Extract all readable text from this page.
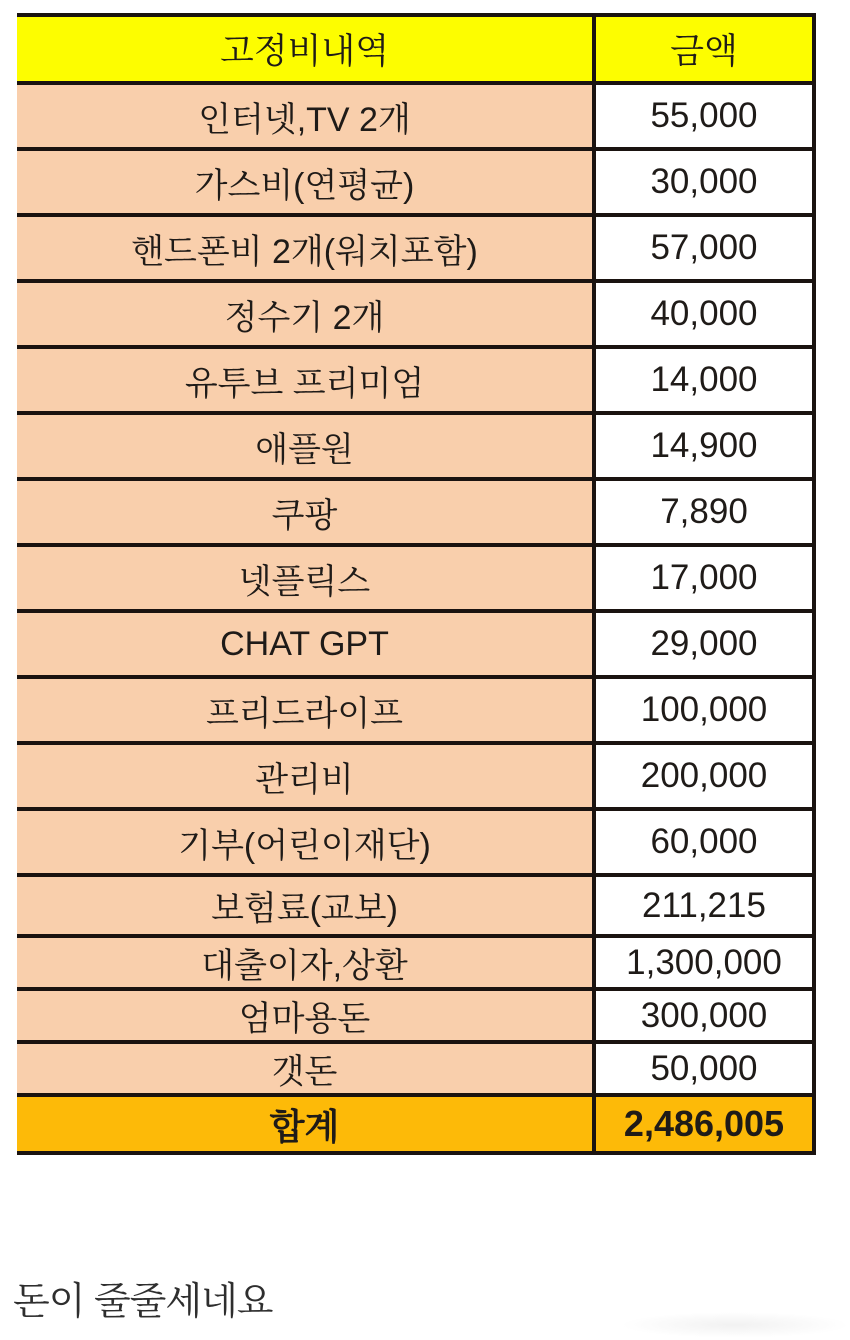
고정비내역	금액
인터넷,TV 2개	55,000
가스비(연평균)	30,000
핸드폰비 2개(워치포함)	57,000
정수기 2개	40,000
유투브 프리미엄	14,000
애플원	14,900
쿠팡	7,890
넷플릭스	17,000
CHAT GPT	29,000
프리드라이프	100,000
관리비	200,000
기부(어린이재단)	60,000
보험료(교보)	211,215
대출이자,상환	1,300,000
엄마용돈	300,000
갯돈	50,000
합계	2,486,005
돈이 줄줄세네요
